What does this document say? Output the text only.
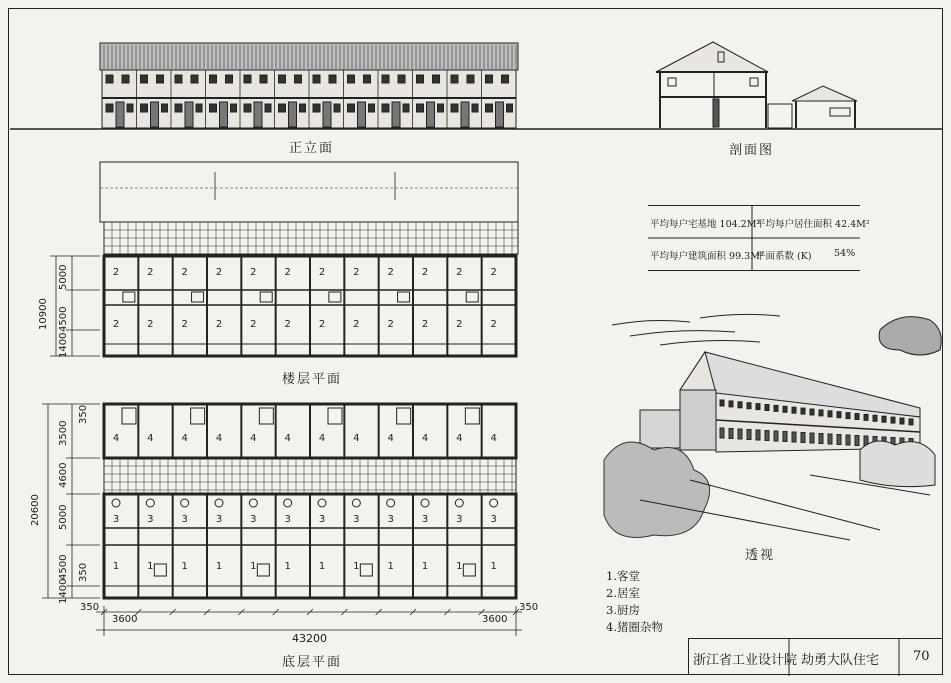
2
2
2
2
2
2
2
2
2
2
2
2
2
2
2
2
2
2
2
2
2
2
2
2
4
3
1
4
3
1
4
3
1
4
3
1
4
3
1
4
3
1
4
3
1
4
3
1
4
3
1
4
3
1
4
3
1
4
3
1
正立面	剖面图
楼层平面
底层平面
透视
平均每户宅基地 104.2M²
平均每户居住面积 42.4M²
平均每户建筑面积 99.3M²
平面系数 (K) 54%
1.客堂
2.居室
3.厨房
4.猪圈杂物
10900
5000
4500
1400
20600
3500
4600
5000
4500
1400
350
350
350	350
3600	3600
43200
浙江省工业设计院 劫勇大队住宅	70
